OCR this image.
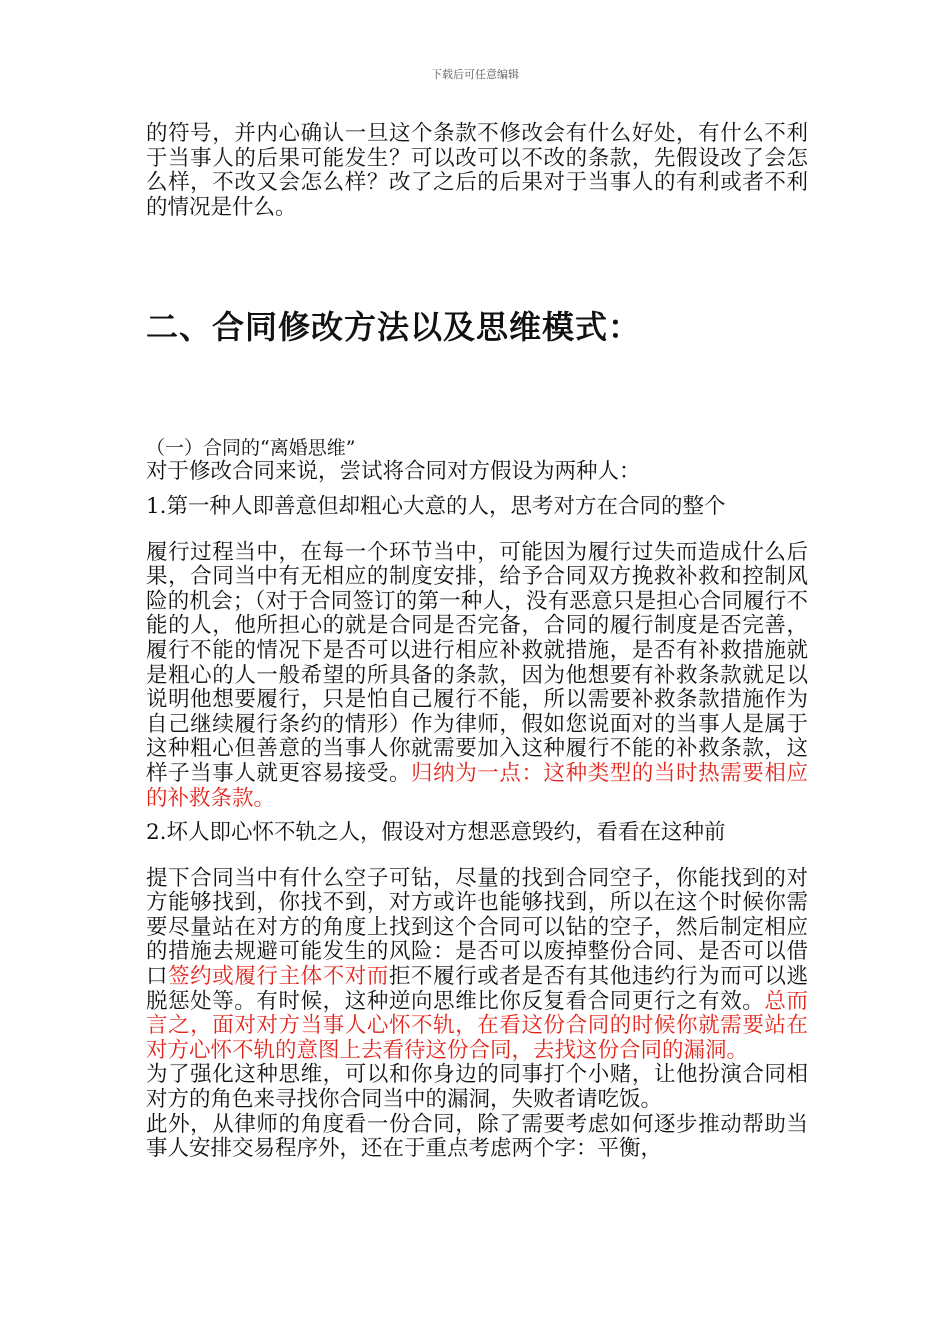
下载后可任意编辑

的符号，并内心确认一旦这个条款不修改会有什么好处，有什么不利于当事人的后果可能发生？可以改可以不改的条款，先假设改了会怎么样，不改又会怎么样？改了之后的后果对于当事人的有利或者不利的情况是什么。

二、合同修改方法以及思维模式：

（一）合同的“离婚思维”

对于修改合同来说，尝试将合同对方假设为两种人：

1.第一种人即善意但却粗心大意的人，思考对方在合同的整个

履行过程当中，在每一个环节当中，可能因为履行过失而造成什么后果，合同当中有无相应的制度安排，给予合同双方挽救补救和控制风险的机会；（对于合同签订的第一种人，没有恶意只是担心合同履行不能的人，他所担心的就是合同是否完备，合同的履行制度是否完善，履行不能的情况下是否可以进行相应补救就措施，是否有补救措施就是粗心的人一般希望的所具备的条款，因为他想要有补救条款就足以说明他想要履行，只是怕自己履行不能，所以需要补救条款措施作为自己继续履行条约的情形）作为律师，假如您说面对的当事人是属于这种粗心但善意的当事人你就需要加入这种履行不能的补救条款，这样子当事人就更容易接受。归纳为一点：这种类型的当时热需要相应的补救条款。

2.坏人即心怀不轨之人，假设对方想恶意毁约，看看在这种前

提下合同当中有什么空子可钻，尽量的找到合同空子，你能找到的对方能够找到，你找不到，对方或许也能够找到，所以在这个时候你需要尽量站在对方的角度上找到这个合同可以钻的空子，然后制定相应的措施去规避可能发生的风险：是否可以废掉整份合同、是否可以借口签约或履行主体不对而拒不履行或者是否有其他违约行为而可以逃脱惩处等。有时候，这种逆向思维比你反复看合同更行之有效。总而言之，面对对方当事人心怀不轨，在看这份合同的时候你就需要站在对方心怀不轨的意图上去看待这份合同，去找这份合同的漏洞。

为了强化这种思维，可以和你身边的同事打个小赌，让他扮演合同相对方的角色来寻找你合同当中的漏洞，失败者请吃饭。

此外，从律师的角度看一份合同，除了需要考虑如何逐步推动帮助当事人安排交易程序外，还在于重点考虑两个字：平衡，
